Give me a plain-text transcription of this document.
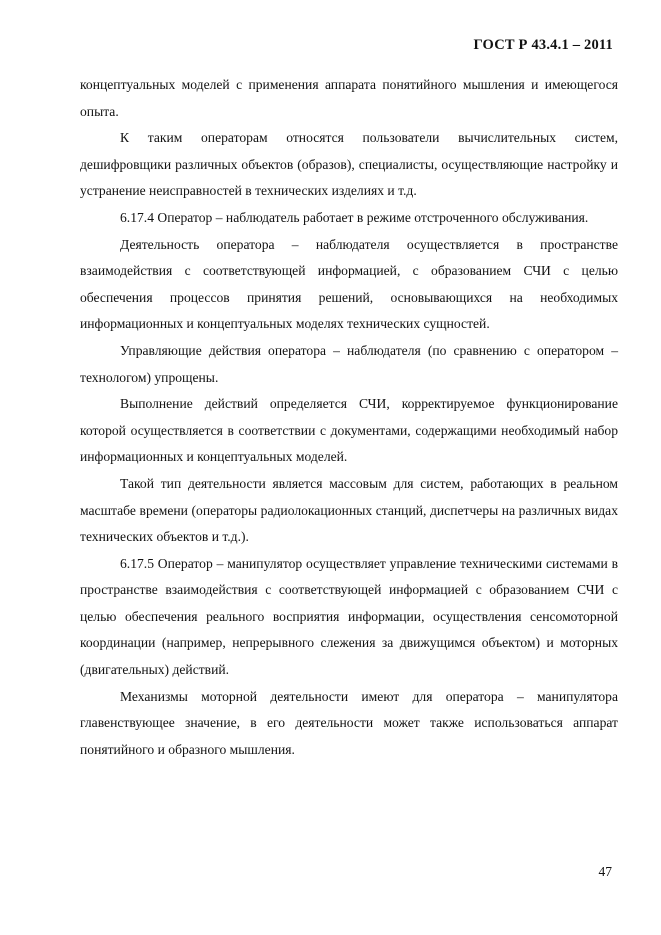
ГОСТ Р 43.4.1 – 2011

концептуальных моделей с применения аппарата понятийного мышления и имеющегося опыта.

К таким операторам относятся пользователи вычислительных систем, дешифровщики различных объектов (образов), специалисты, осуществляющие настройку и устранение неисправностей в технических изделиях и т.д.

6.17.4 Оператор – наблюдатель работает в режиме отстроченного обслуживания.

Деятельность оператора – наблюдателя осуществляется в пространстве взаимодействия с соответствующей информацией, с образованием СЧИ с целью обеспечения процессов принятия решений, основывающихся на необходимых информационных и концептуальных моделях технических сущностей.

Управляющие действия оператора – наблюдателя (по сравнению с оператором – технологом) упрощены.

Выполнение действий определяется СЧИ, корректируемое функционирование которой осуществляется в соответствии с документами, содержащими необходимый набор информационных и концептуальных моделей.

Такой тип деятельности является массовым для систем, работающих в реальном масштабе времени (операторы радиолокационных станций, диспетчеры на различных видах технических объектов и т.д.).

6.17.5 Оператор – манипулятор осуществляет управление техническими системами в пространстве взаимодействия с соответствующей информацией с образованием СЧИ с целью обеспечения реального восприятия информации, осуществления сенсомоторной координации (например, непрерывного слежения за движущимся объектом) и моторных (двигательных) действий.

Механизмы моторной деятельности имеют для оператора – манипулятора главенствующее значение, в его деятельности может также использоваться аппарат понятийного и образного мышления.

47
